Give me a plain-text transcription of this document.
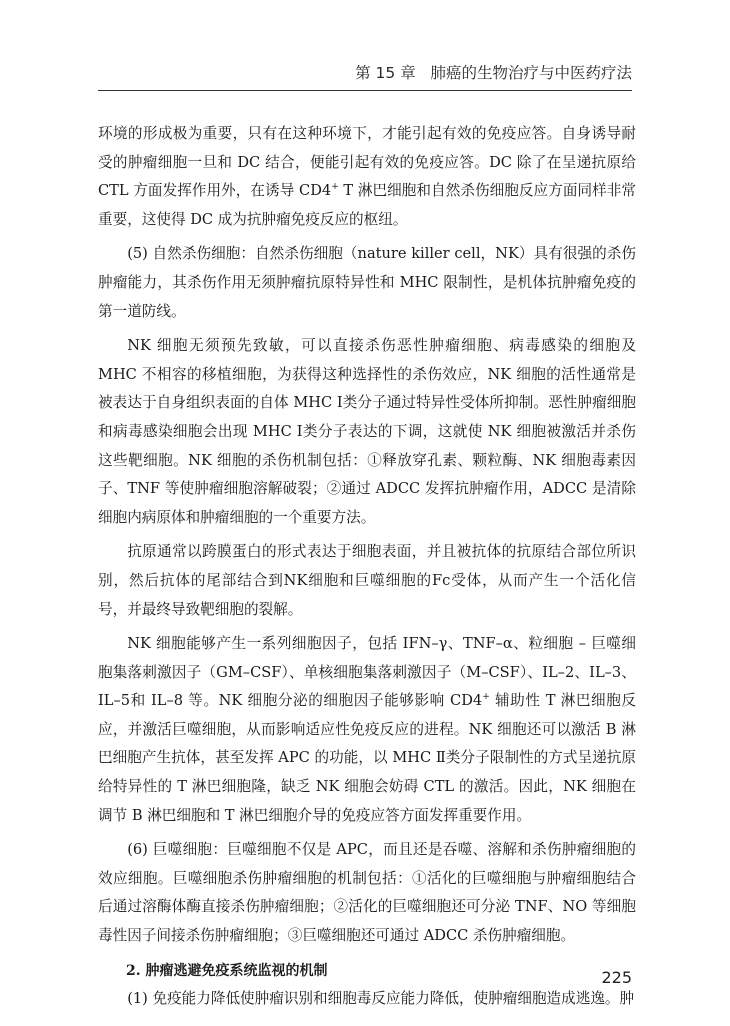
第 15 章 肺癌的生物治疗与中医药疗法

环境的形成极为重要，只有在这种环境下，才能引起有效的免疫应答。自身诱导耐受的肿瘤细胞一旦和 DC 结合，便能引起有效的免疫应答。DC 除了在呈递抗原给 CTL 方面发挥作用外，在诱导 CD4+ T 淋巴细胞和自然杀伤细胞反应方面同样非常重要，这使得 DC 成为抗肿瘤免疫反应的枢纽。

(5) 自然杀伤细胞：自然杀伤细胞（nature killer cell，NK）具有很强的杀伤肿瘤能力，其杀伤作用无须肿瘤抗原特异性和 MHC 限制性，是机体抗肿瘤免疫的第一道防线。

NK 细胞无须预先致敏，可以直接杀伤恶性肿瘤细胞、病毒感染的细胞及 MHC 不相容的移植细胞，为获得这种选择性的杀伤效应，NK 细胞的活性通常是被表达于自身组织表面的自体 MHC Ⅰ类分子通过特异性受体所抑制。恶性肿瘤细胞和病毒感染细胞会出现 MHC Ⅰ类分子表达的下调，这就使 NK 细胞被激活并杀伤这些靶细胞。NK 细胞的杀伤机制包括：①释放穿孔素、颗粒酶、NK 细胞毒素因子、TNF 等使肿瘤细胞溶解破裂；②通过 ADCC 发挥抗肿瘤作用，ADCC 是清除细胞内病原体和肿瘤细胞的一个重要方法。

抗原通常以跨膜蛋白的形式表达于细胞表面，并且被抗体的抗原结合部位所识别，然后抗体的尾部结合到NK细胞和巨噬细胞的Fc受体，从而产生一个活化信号，并最终导致靶细胞的裂解。

NK 细胞能够产生一系列细胞因子，包括 IFN–γ、TNF–α、粒细胞 – 巨噬细胞集落刺激因子（GM–CSF）、单核细胞集落刺激因子（M–CSF）、IL–2、IL–3、IL–5和 IL–8 等。NK 细胞分泌的细胞因子能够影响 CD4+ 辅助性 T 淋巴细胞反应，并激活巨噬细胞，从而影响适应性免疫反应的进程。NK 细胞还可以激活 B 淋巴细胞产生抗体，甚至发挥 APC 的功能，以 MHC Ⅱ类分子限制性的方式呈递抗原给特异性的 T 淋巴细胞隆，缺乏 NK 细胞会妨碍 CTL 的激活。因此，NK 细胞在调节 B 淋巴细胞和 T 淋巴细胞介导的免疫应答方面发挥重要作用。

(6) 巨噬细胞：巨噬细胞不仅是 APC，而且还是吞噬、溶解和杀伤肿瘤细胞的效应细胞。巨噬细胞杀伤肿瘤细胞的机制包括：①活化的巨噬细胞与肿瘤细胞结合后通过溶酶体酶直接杀伤肿瘤细胞；②活化的巨噬细胞还可分泌 TNF、NO 等细胞毒性因子间接杀伤肿瘤细胞；③巨噬细胞还可通过 ADCC 杀伤肿瘤细胞。

2. 肿瘤逃避免疫系统监视的机制

(1) 免疫能力降低使肿瘤识别和细胞毒反应能力降低，使肿瘤细胞造成逃逸。肿

225
